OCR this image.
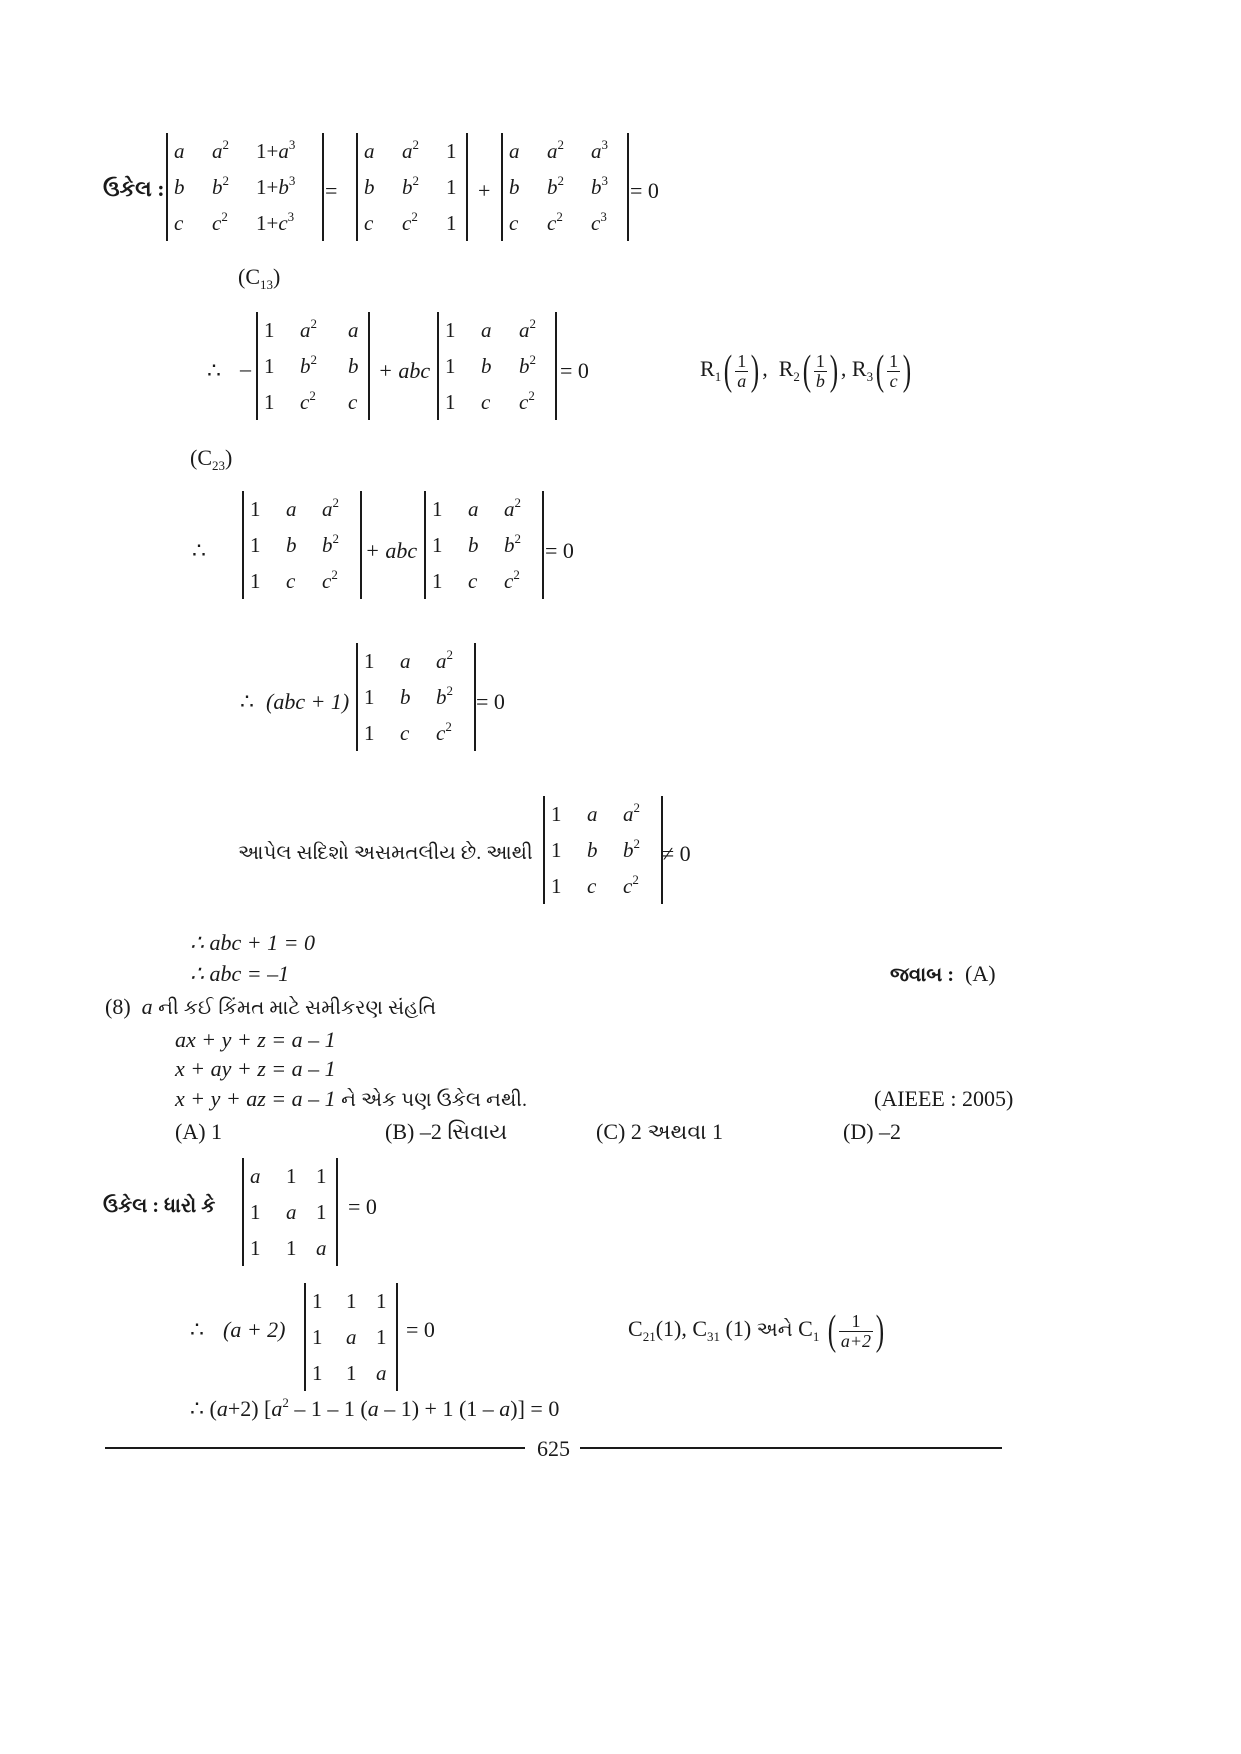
ઉકેલ :
a	$a^2$	$1+a^3$
b	$b^2$	$1+b^3$
c	$c^2$	$1+c^3$
=
a	$a^2$	1
b	$b^2$	1
c	$c^2$	1
+
a	$a^2$	$a^3$
b	$b^2$	$b^3$
c	$c^2$	$c^3$
= 0
$(C_{13})$
∴ –
1	$a^2$	a
1	$b^2$	b
1	$c^2$	c
+ abc
1	a	$a^2$
1	b	$b^2$
1	c	$c^2$
= 0	$R_1( \frac{1}{a}$ ) ,  $R_2( \frac{1}{b}$ ) , $R_3( \frac{1}{c}$ )
$(C_{23})$
∴
1	a	$a^2$
1	b	$b^2$
1	c	$c^2$
+ abc
1	a	$a^2$
1	b	$b^2$
1	c	$c^2$
= 0
∴ (abc + 1)
1	a	$a^2$
1	b	$b^2$
1	c	$c^2$
= 0
આપેલ સદિશો અસમતલીય છે. આથી
1	a	$a^2$
1	b	$b^2$
1	c	$c^2$
≠ 0
∴ abc + 1 = 0
∴ abc = –1	જવાબ : (A)
(8) a ની કઈ કિંમત માટે સમીકરણ સંહતિ
ax + y + z = a – 1
x + ay + z = a – 1
x + y + az = a – 1 ને એક પણ ઉકેલ નથી.	(AIEEE : 2005)
(A) 1	(B) –2 સિવાય	(C) 2 અથવા 1	(D) –2
ઉકેલ : ધારો કે
a	1	1
1	a	1
1	1	a
= 0
∴ (a + 2)
1	1	1
1	a	1
1	1	a
= 0	$C_{21}(1)$, $C_{31}$ (1) અને $C_1$ ( $\frac{1}{a+2}$ )
∴ (a+2) [$a^2 - 1 - 1$ (a – 1) + 1 (1 – a)] = 0
625
